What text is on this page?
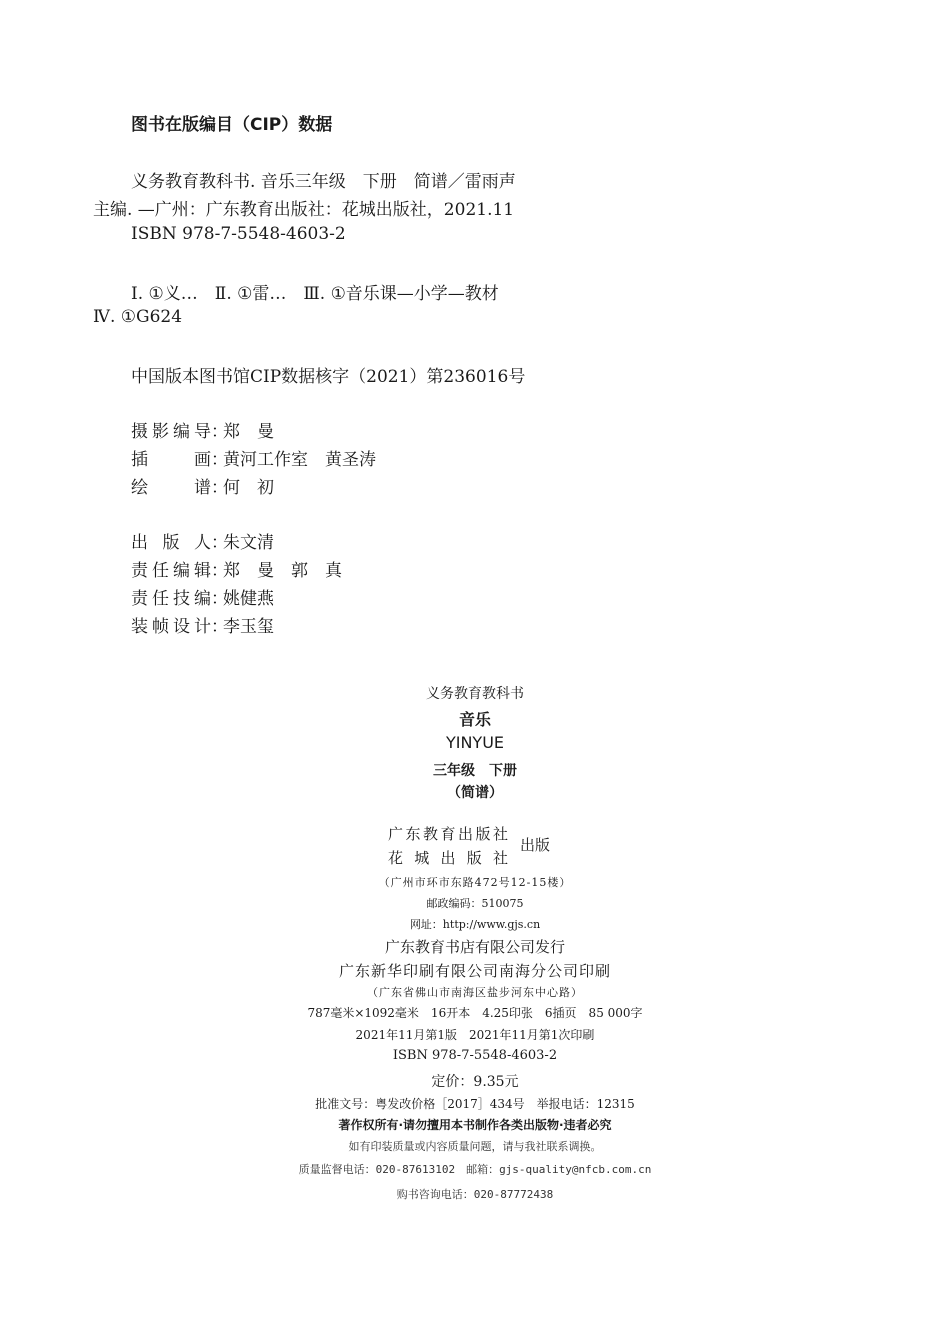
图书在版编目（CIP）数据
义务教育教科书. 音乐三年级　下册　简谱／雷雨声
主编. —广州：广东教育出版社：花城出版社，2021.11
ISBN 978-7-5548-4603-2
Ⅰ. ①义…　Ⅱ. ①雷…　Ⅲ. ①音乐课—小学—教材
Ⅳ. ①G624
中国版本图书馆CIP数据核字（2021）第236016号
摄影编导：郑　曼
插　画：黄河工作室　黄圣涛
绘　谱：何　初
出版人：朱文清
责任编辑：郑　曼　郭　真
责任技编：姚健燕
装帧设计：李玉玺
义务教育教科书
音乐
YINYUE
三年级　下册
（简谱）
广东教育出版社
花城出版社
出版
（广州市环市东路472号12-15楼）
邮政编码：510075
网址：http://www.gjs.cn
广东教育书店有限公司发行
广东新华印刷有限公司南海分公司印刷
（广东省佛山市南海区盐步河东中心路）
787毫米×1092毫米　16开本　4.25印张　6插页　85 000字
2021年11月第1版　2021年11月第1次印刷
ISBN 978-7-5548-4603-2
定价：9.35元
批准文号：粤发改价格［2017］434号　举报电话：12315
著作权所有·请勿擅用本书制作各类出版物·违者必究
如有印装质量或内容质量问题，请与我社联系调换。
质量监督电话：020-87613102　邮箱：gjs-quality@nfcb.com.cn
购书咨询电话：020-87772438
